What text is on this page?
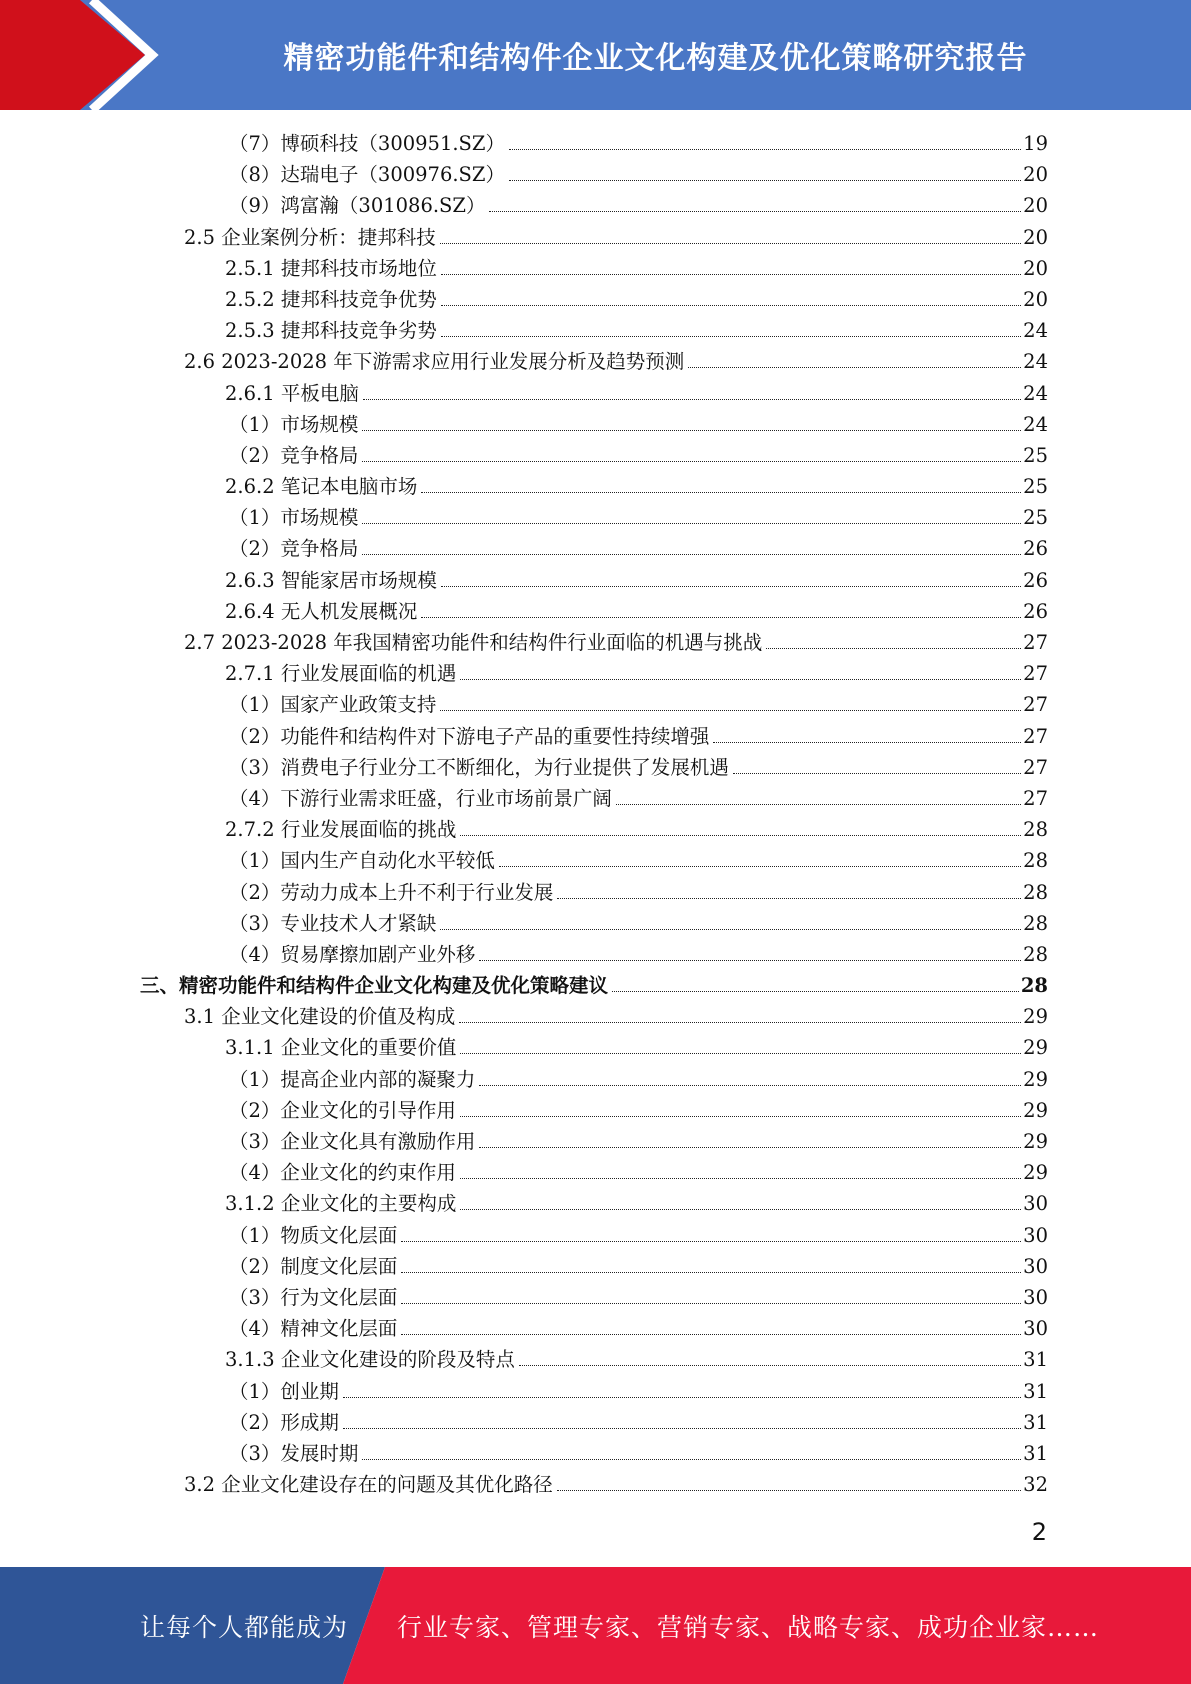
精密功能件和结构件企业文化构建及优化策略研究报告
（7）博硕科技（300951.SZ）	19
（8）达瑞电子（300976.SZ）	20
（9）鸿富瀚（301086.SZ）	20
2.5 企业案例分析：捷邦科技	20
2.5.1 捷邦科技市场地位	20
2.5.2 捷邦科技竞争优势	20
2.5.3 捷邦科技竞争劣势	24
2.6 2023-2028 年下游需求应用行业发展分析及趋势预测	24
2.6.1 平板电脑	24
（1）市场规模	24
（2）竞争格局	25
2.6.2 笔记本电脑市场	25
（1）市场规模	25
（2）竞争格局	26
2.6.3 智能家居市场规模	26
2.6.4 无人机发展概况	26
2.7 2023-2028 年我国精密功能件和结构件行业面临的机遇与挑战	27
2.7.1 行业发展面临的机遇	27
（1）国家产业政策支持	27
（2）功能件和结构件对下游电子产品的重要性持续增强	27
（3）消费电子行业分工不断细化，为行业提供了发展机遇	27
（4）下游行业需求旺盛，行业市场前景广阔	27
2.7.2 行业发展面临的挑战	28
（1）国内生产自动化水平较低	28
（2）劳动力成本上升不利于行业发展	28
（3）专业技术人才紧缺	28
（4）贸易摩擦加剧产业外移	28
三、精密功能件和结构件企业文化构建及优化策略建议	28
3.1 企业文化建设的价值及构成	29
3.1.1 企业文化的重要价值	29
（1）提高企业内部的凝聚力	29
（2）企业文化的引导作用	29
（3）企业文化具有激励作用	29
（4）企业文化的约束作用	29
3.1.2 企业文化的主要构成	30
（1）物质文化层面	30
（2）制度文化层面	30
（3）行为文化层面	30
（4）精神文化层面	30
3.1.3 企业文化建设的阶段及特点	31
（1）创业期	31
（2）形成期	31
（3）发展时期	31
3.2 企业文化建设存在的问题及其优化路径	32
2
让每个人都能成为 行业专家、管理专家、营销专家、战略专家、成功企业家……
